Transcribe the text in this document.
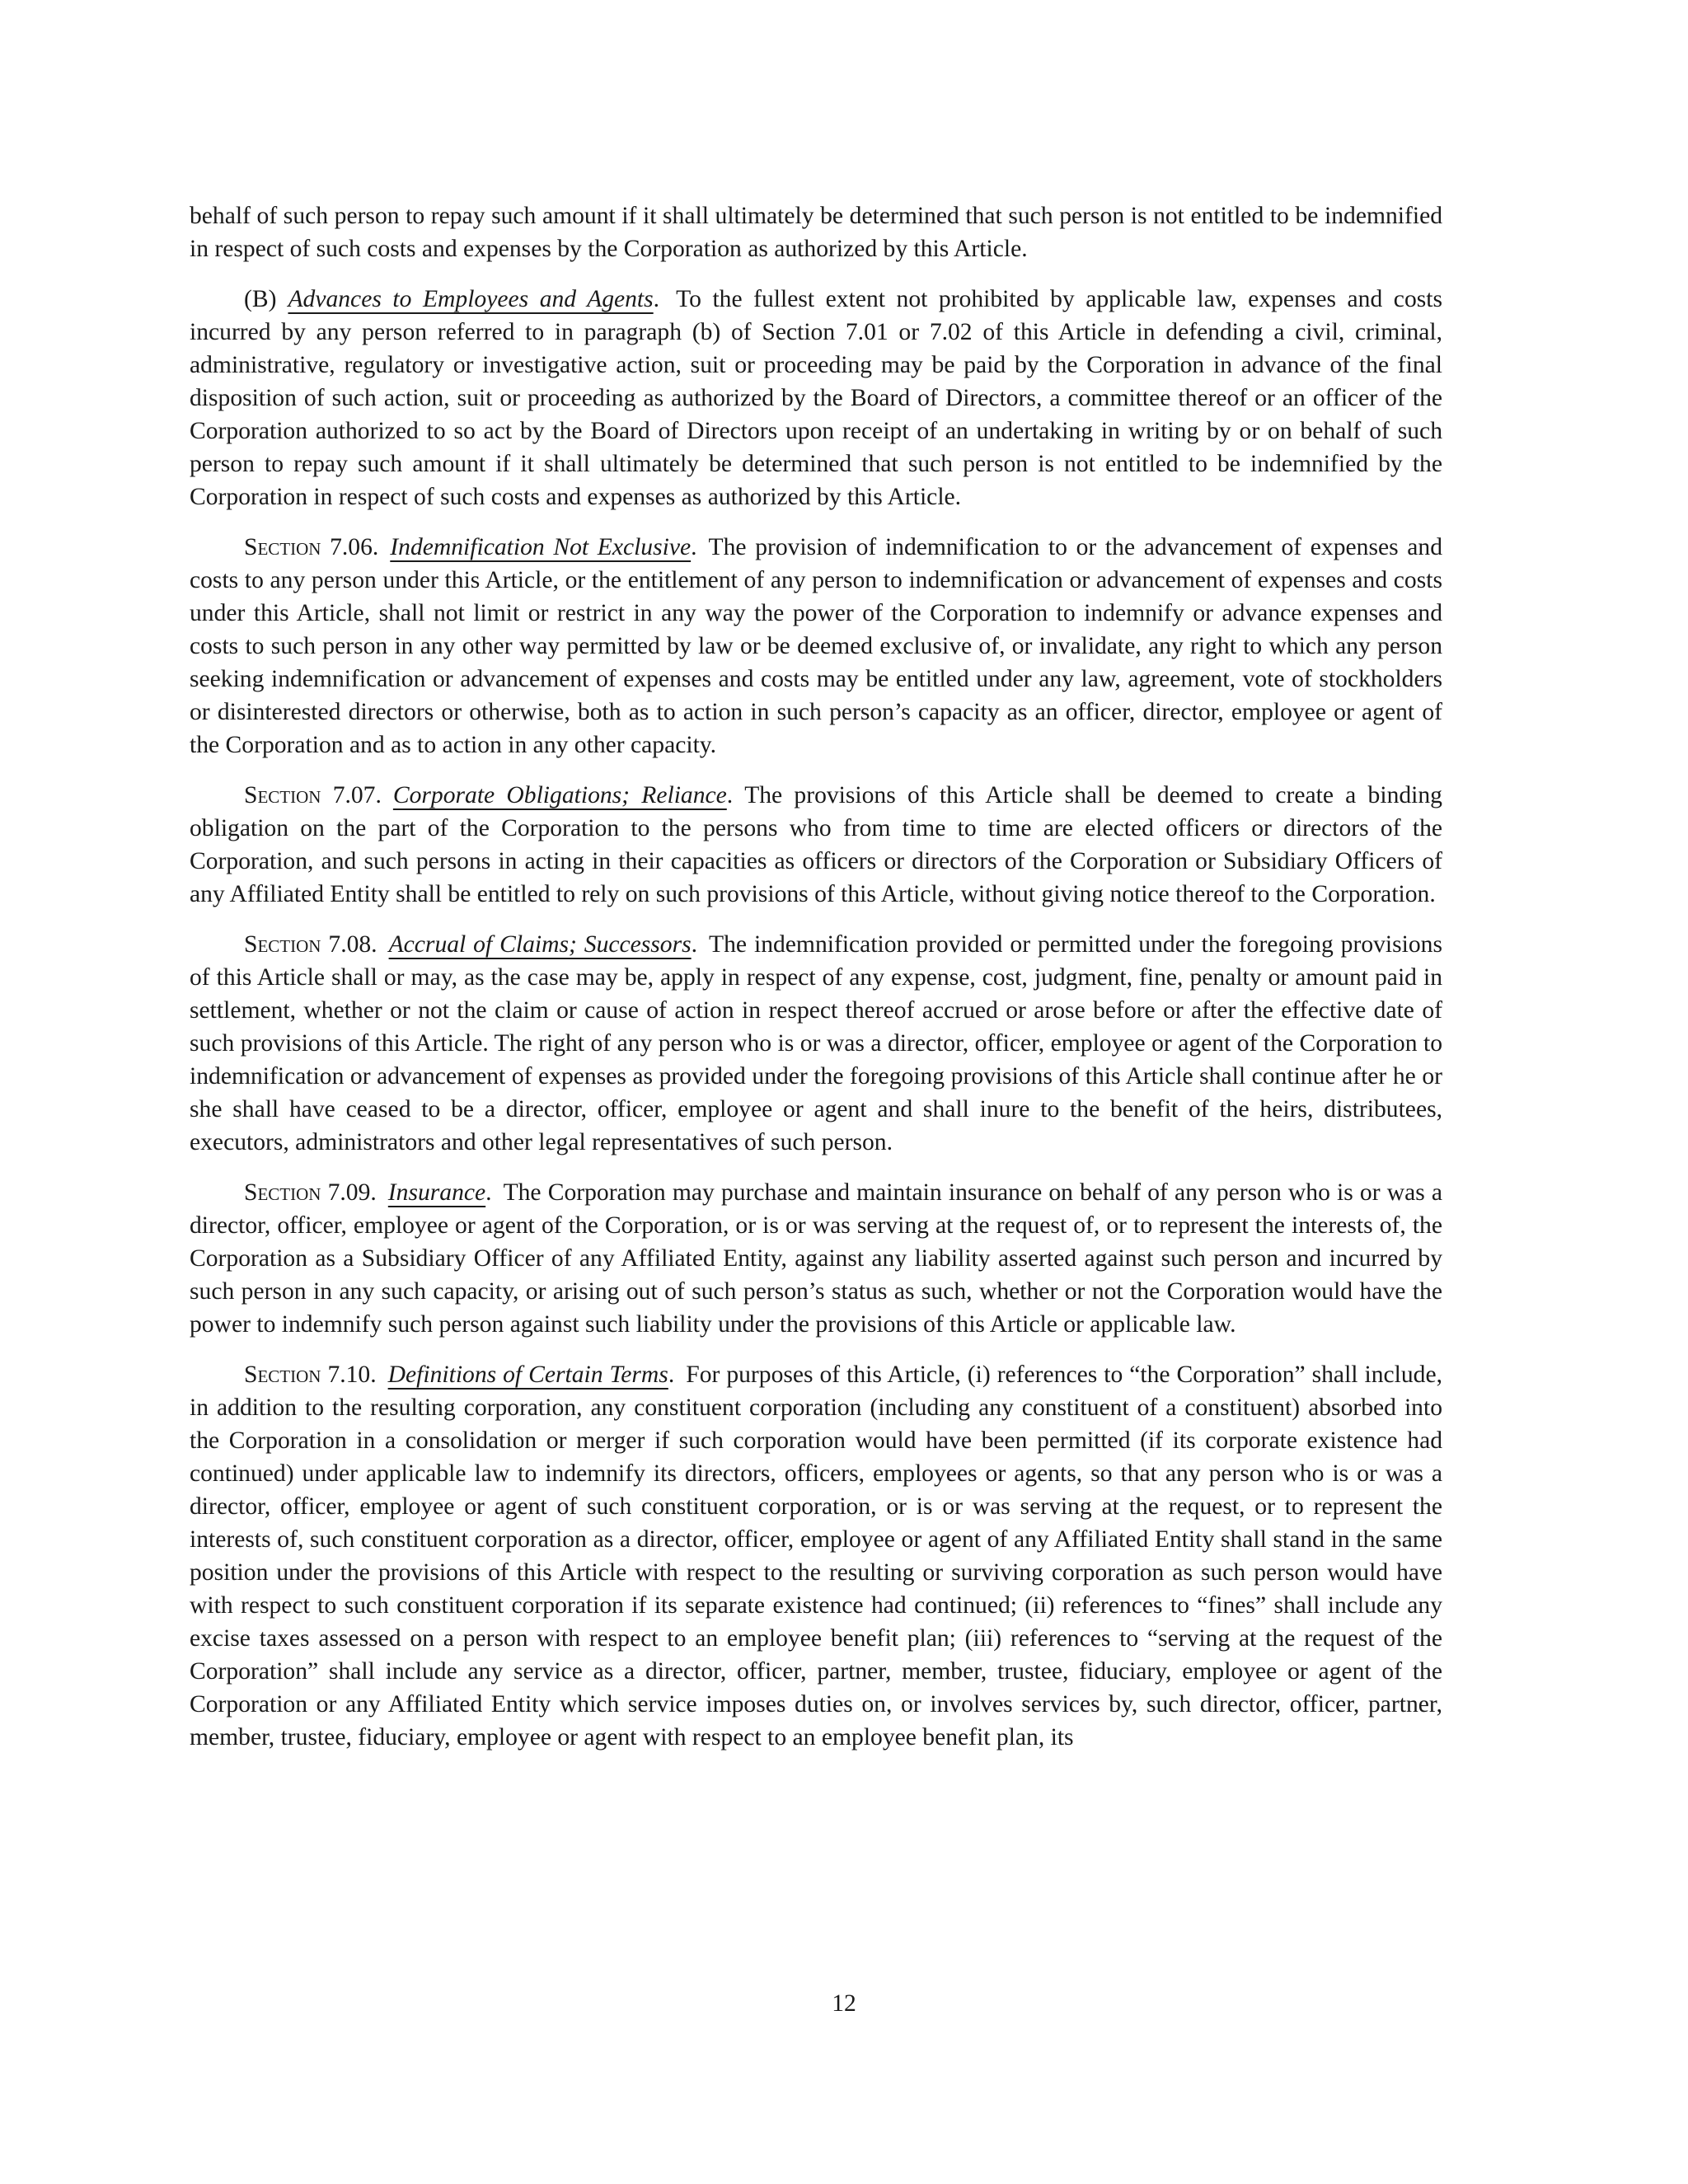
behalf of such person to repay such amount if it shall ultimately be determined that such person is not entitled to be indemnified in respect of such costs and expenses by the Corporation as authorized by this Article.

(B) Advances to Employees and Agents. To the fullest extent not prohibited by applicable law, expenses and costs incurred by any person referred to in paragraph (b) of Section 7.01 or 7.02 of this Article in defending a civil, criminal, administrative, regulatory or investigative action, suit or proceeding may be paid by the Corporation in advance of the final disposition of such action, suit or proceeding as authorized by the Board of Directors, a committee thereof or an officer of the Corporation authorized to so act by the Board of Directors upon receipt of an undertaking in writing by or on behalf of such person to repay such amount if it shall ultimately be determined that such person is not entitled to be indemnified by the Corporation in respect of such costs and expenses as authorized by this Article.

Section 7.06. Indemnification Not Exclusive. The provision of indemnification to or the advancement of expenses and costs to any person under this Article, or the entitlement of any person to indemnification or advancement of expenses and costs under this Article, shall not limit or restrict in any way the power of the Corporation to indemnify or advance expenses and costs to such person in any other way permitted by law or be deemed exclusive of, or invalidate, any right to which any person seeking indemnification or advancement of expenses and costs may be entitled under any law, agreement, vote of stockholders or disinterested directors or otherwise, both as to action in such person’s capacity as an officer, director, employee or agent of the Corporation and as to action in any other capacity.

Section 7.07. Corporate Obligations; Reliance. The provisions of this Article shall be deemed to create a binding obligation on the part of the Corporation to the persons who from time to time are elected officers or directors of the Corporation, and such persons in acting in their capacities as officers or directors of the Corporation or Subsidiary Officers of any Affiliated Entity shall be entitled to rely on such provisions of this Article, without giving notice thereof to the Corporation.

Section 7.08. Accrual of Claims; Successors. The indemnification provided or permitted under the foregoing provisions of this Article shall or may, as the case may be, apply in respect of any expense, cost, judgment, fine, penalty or amount paid in settlement, whether or not the claim or cause of action in respect thereof accrued or arose before or after the effective date of such provisions of this Article. The right of any person who is or was a director, officer, employee or agent of the Corporation to indemnification or advancement of expenses as provided under the foregoing provisions of this Article shall continue after he or she shall have ceased to be a director, officer, employee or agent and shall inure to the benefit of the heirs, distributees, executors, administrators and other legal representatives of such person.

Section 7.09. Insurance. The Corporation may purchase and maintain insurance on behalf of any person who is or was a director, officer, employee or agent of the Corporation, or is or was serving at the request of, or to represent the interests of, the Corporation as a Subsidiary Officer of any Affiliated Entity, against any liability asserted against such person and incurred by such person in any such capacity, or arising out of such person’s status as such, whether or not the Corporation would have the power to indemnify such person against such liability under the provisions of this Article or applicable law.

Section 7.10. Definitions of Certain Terms. For purposes of this Article, (i) references to “the Corporation” shall include, in addition to the resulting corporation, any constituent corporation (including any constituent of a constituent) absorbed into the Corporation in a consolidation or merger if such corporation would have been permitted (if its corporate existence had continued) under applicable law to indemnify its directors, officers, employees or agents, so that any person who is or was a director, officer, employee or agent of such constituent corporation, or is or was serving at the request, or to represent the interests of, such constituent corporation as a director, officer, employee or agent of any Affiliated Entity shall stand in the same position under the provisions of this Article with respect to the resulting or surviving corporation as such person would have with respect to such constituent corporation if its separate existence had continued; (ii) references to “fines” shall include any excise taxes assessed on a person with respect to an employee benefit plan; (iii) references to “serving at the request of the Corporation” shall include any service as a director, officer, partner, member, trustee, fiduciary, employee or agent of the Corporation or any Affiliated Entity which service imposes duties on, or involves services by, such director, officer, partner, member, trustee, fiduciary, employee or agent with respect to an employee benefit plan, its

12
